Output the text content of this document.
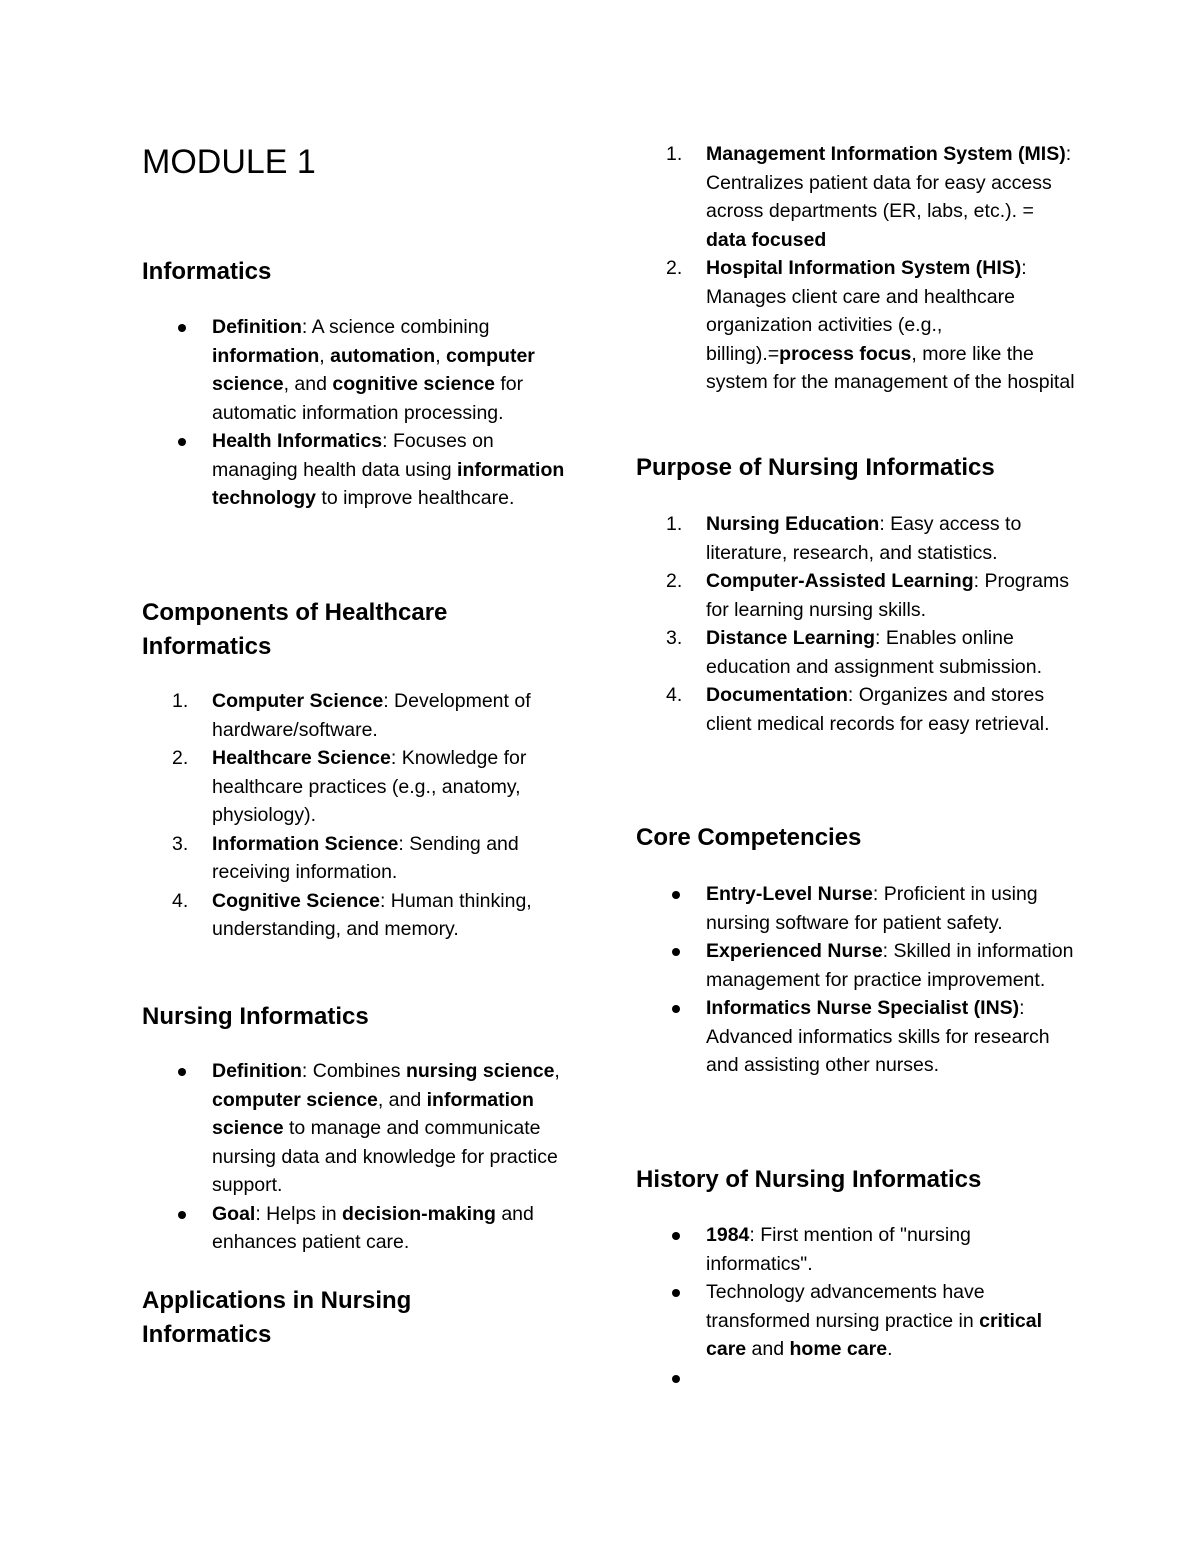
MODULE 1
Informatics
Definition: A science combining information, automation, computer science, and cognitive science for automatic information processing.
Health Informatics: Focuses on managing health data using information technology to improve healthcare.
Components of Healthcare Informatics
1.	Computer Science: Development of hardware/software.
2.	Healthcare Science: Knowledge for healthcare practices (e.g., anatomy, physiology).
3.	Information Science: Sending and receiving information.
4.	Cognitive Science: Human thinking, understanding, and memory.
Nursing Informatics
Definition: Combines nursing science, computer science, and information science to manage and communicate nursing data and knowledge for practice support.
Goal: Helps in decision-making and enhances patient care.
Applications in Nursing Informatics
1.	Management Information System (MIS): Centralizes patient data for easy access across departments (ER, labs, etc.). = data focused
2.	Hospital Information System (HIS): Manages client care and healthcare organization activities (e.g., billing).=process focus, more like the system for the management of the hospital
Purpose of Nursing Informatics
1.	Nursing Education: Easy access to literature, research, and statistics.
2.	Computer-Assisted Learning: Programs for learning nursing skills.
3.	Distance Learning: Enables online education and assignment submission.
4.	Documentation: Organizes and stores client medical records for easy retrieval.
Core Competencies
Entry-Level Nurse: Proficient in using nursing software for patient safety.
Experienced Nurse: Skilled in information management for practice improvement.
Informatics Nurse Specialist (INS): Advanced informatics skills for research and assisting other nurses.
History of Nursing Informatics
1984: First mention of "nursing informatics".
Technology advancements have transformed nursing practice in critical care and home care.
